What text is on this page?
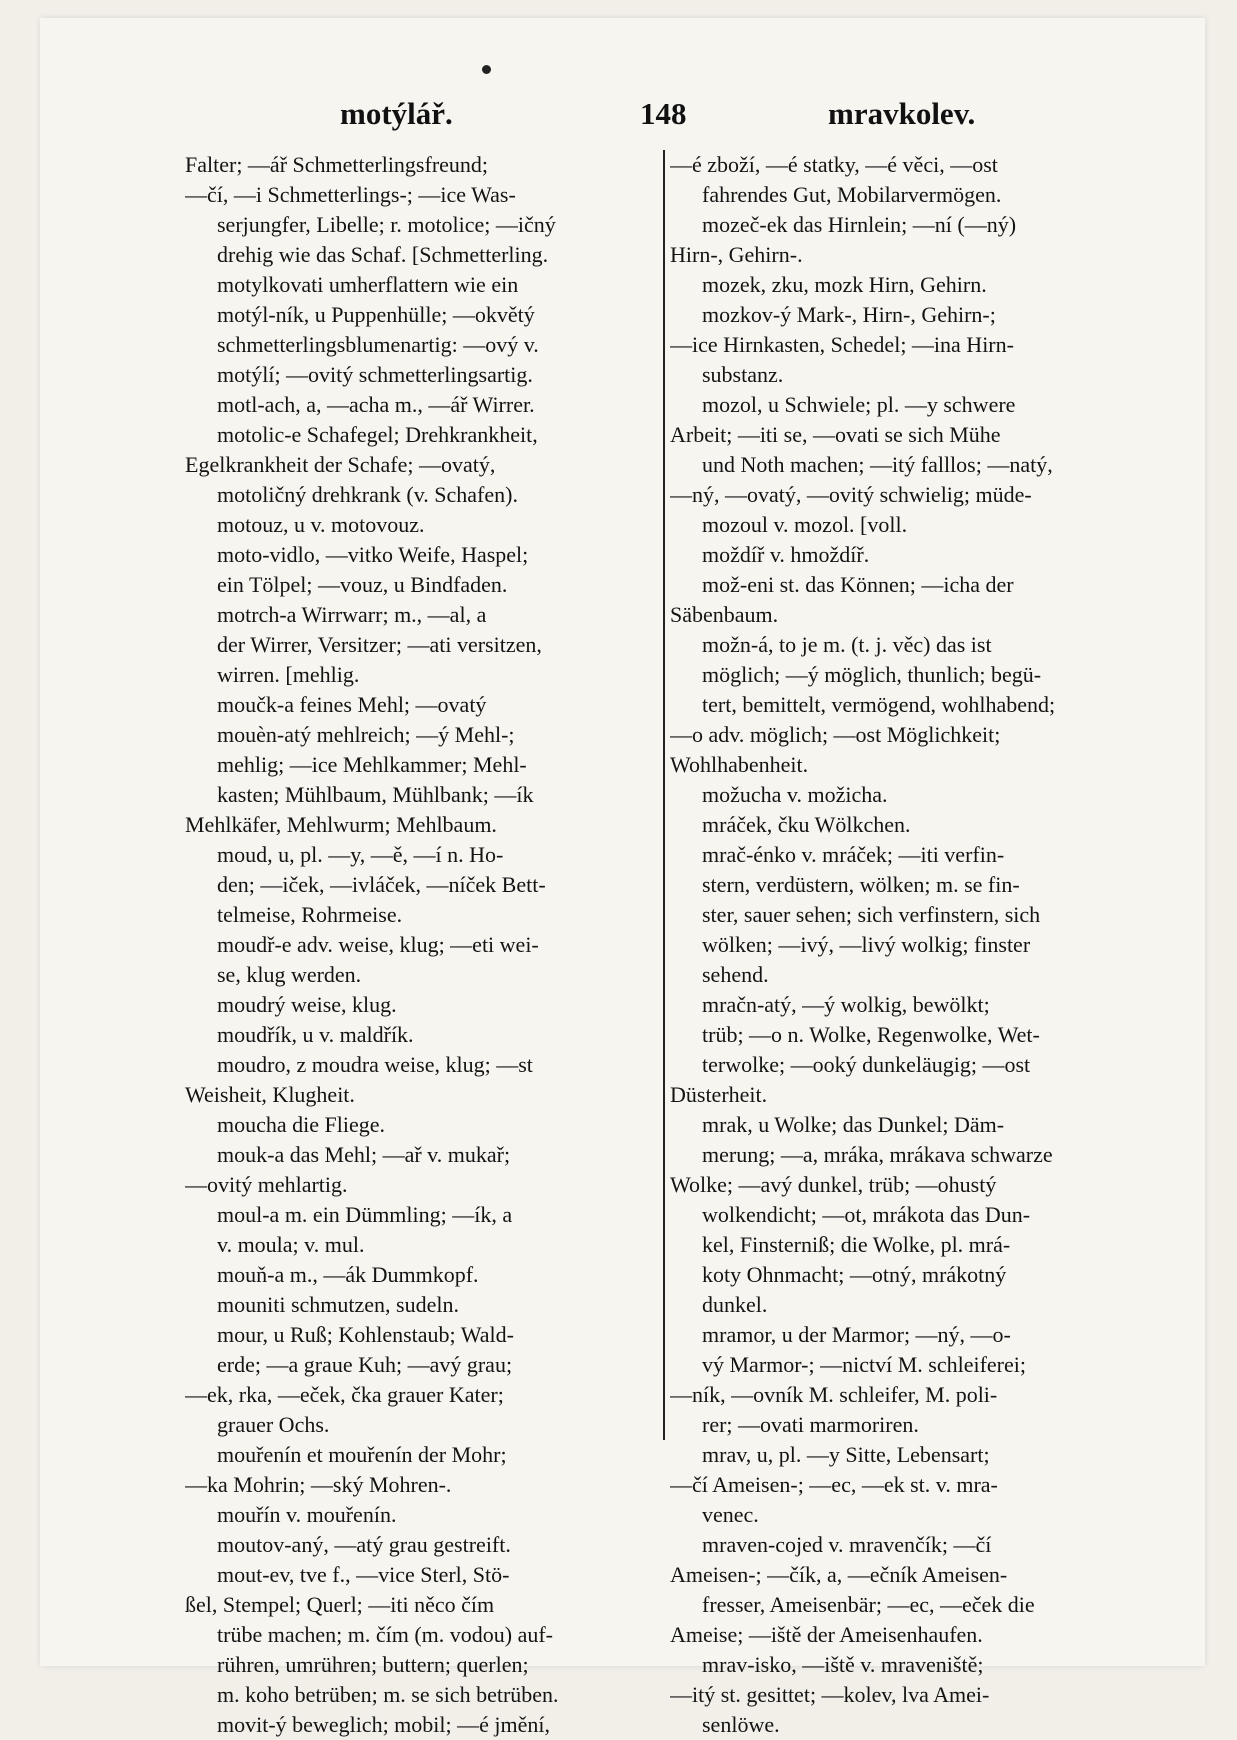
motýlář.	148	mravkolev.
Falter; —ář Schmetterlingsfreund;
—čí, —i Schmetterlings-; —ice Was-
serjungfer, Libelle; r. motolice; —ičný
drehig wie das Schaf. [Schmetterling.
motylkovati umherflattern wie ein
motýl-ník, u Puppenhülle; —okvětý
schmetterlingsblumenartig: —ový v.
motýlí; —ovitý schmetterlingsartig.
motl-ach, a, —acha m., —ář Wirrer.
motolic-e Schafegel; Drehkrankheit,
Egelkrankheit der Schafe; —ovatý,
motoličný drehkrank (v. Schafen).
motouz, u v. motovouz.
moto-vidlo, —vitko Weife, Haspel;
ein Tölpel; —vouz, u Bindfaden.
motrch-a Wirrwarr; m., —al, a
der Wirrer, Versitzer; —ati versitzen,
wirren. [mehlig.
moučk-a feines Mehl; —ovatý
mouèn-atý mehlreich; —ý Mehl-;
mehlig; —ice Mehlkammer; Mehl-
kasten; Mühlbaum, Mühlbank; —ík
Mehlkäfer, Mehlwurm; Mehlbaum.
moud, u, pl. —y, —ě, —í n. Ho-
den; —iček, —ivláček, —níček Bett-
telmeise, Rohrmeise.
moudř-e adv. weise, klug; —eti wei-
se, klug werden.
moudrý weise, klug.
moudřík, u v. maldřík.
moudro, z moudra weise, klug; —st
Weisheit, Klugheit.
moucha die Fliege.
mouk-a das Mehl; —ař v. mukař;
—ovitý mehlartig.
moul-a m. ein Dümmling; —ík, a
v. moula; v. mul.
mouň-a m., —ák Dummkopf.
mouniti schmutzen, sudeln.
mour, u Ruß; Kohlenstaub; Wald-
erde; —a graue Kuh; —avý grau;
—ek, rka, —eček, čka grauer Kater;
grauer Ochs.
mouřenín et mouřenín der Mohr;
—ka Mohrin; —ský Mohren-.
mouřín v. mouřenín.
moutov-aný, —atý grau gestreift.
mout-ev, tve f., —vice Sterl, Stö-
ßel, Stempel; Querl; —iti něco čím
trübe machen; m. čím (m. vodou) auf-
rühren, umrühren; buttern; querlen;
m. koho betrüben; m. se sich betrüben.
movit-ý beweglich; mobil; —é jmění,
—é zboží, —é statky, —é věci, —ost
fahrendes Gut, Mobilarvermögen.
mozeč-ek das Hirnlein; —ní (—ný)
Hirn-, Gehirn-.
mozek, zku, mozk Hirn, Gehirn.
mozkov-ý Mark-, Hirn-, Gehirn-;
—ice Hirnkasten, Schedel; —ina Hirn-
substanz.
mozol, u Schwiele; pl. —y schwere
Arbeit; —iti se, —ovati se sich Mühe
und Noth machen; —itý falllos; —natý,
—ný, —ovatý, —ovitý schwielig; müde-
mozoul v. mozol. [voll.
moždíř v. hmoždíř.
mož-eni st. das Können; —icha der
Säbenbaum.
možn-á, to je m. (t. j. věc) das ist
möglich; —ý möglich, thunlich; begü-
tert, bemittelt, vermögend, wohlhabend;
—o adv. möglich; —ost Möglichkeit;
Wohlhabenheit.
možucha v. možicha.
mráček, čku Wölkchen.
mrač-énko v. mráček; —iti verfin-
stern, verdüstern, wölken; m. se fin-
ster, sauer sehen; sich verfinstern, sich
wölken; —ivý, —livý wolkig; finster
sehend.
mračn-atý, —ý wolkig, bewölkt;
trüb; —o n. Wolke, Regenwolke, Wet-
terwolke; —ooký dunkeläugig; —ost
Düsterheit.
mrak, u Wolke; das Dunkel; Däm-
merung; —a, mráka, mrákava schwarze
Wolke; —avý dunkel, trüb; —ohustý
wolkendicht; —ot, mrákota das Dun-
kel, Finsterniß; die Wolke, pl. mrá-
koty Ohnmacht; —otný, mrákotný
dunkel.
mramor, u der Marmor; —ný, —o-
vý Marmor-; —nictví M. schleiferei;
—ník, —ovník M. schleifer, M. poli-
rer; —ovati marmoriren.
mrav, u, pl. —y Sitte, Lebensart;
—čí Ameisen-; —ec, —ek st. v. mra-
venec.
mraven-cojed v. mravenčík; —čí
Ameisen-; —čík, a, —ečník Ameisen-
fresser, Ameisenbär; —ec, —eček die
Ameise; —iště der Ameisenhaufen.
mrav-isko, —iště v. mraveniště;
—itý st. gesittet; —kolev, lva Amei-
senlöwe.
